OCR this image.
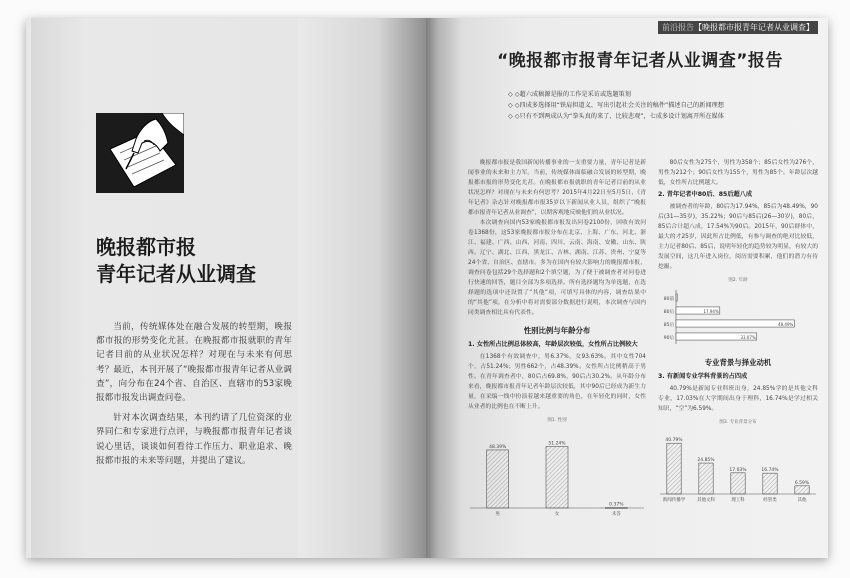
晚报都市报
青年记者从业调查

当前，传统媒体处在融合发展的转型期，晚报都市报的形势变化尤甚。在晚报都市报就职的青年记者目前的从业状况怎样？对现在与未来有何思考？最近，本刊开展了“晚报都市报青年记者从业调查”，向分布在24个省、自治区、直辖市的53家晚报都市报发出调查问卷。

针对本次调查结果，本刊约请了几位资深的业界同仁和专家进行点评，与晚报都市报青年记者谈说心里话，谈谈如何看待工作压力、职业追求、晚报都市报的未来等问题，并提出了建议。

前沿报告【晚报都市报青年记者从业调查】
“晚报都市报青年记者从业调查”报告
◇ ◇超六成稿源是报的工作是采访或选题策划
◇ ◇四成多选择用“铁肩担道义、写出引起社会关注的稿件”描述自己的新闻理想
◇ ◇只有不到两成认为“拳头真的来了、比较悲观”，七成多设计划离开所在媒体

晚报都市报是我国新闻传播事业的一支重要力量，青年记者是新闻事业的未来和主力军。当前，传统媒体面临融合发展的转型期，晚报都市报的形势变化尤甚。在晚报都市报就职的青年记者目前的从业状况怎样？对现在与未来有何思考？2015年4月22日至5月5日，《青年记者》杂志针对晚报都市报35岁以下新闻从业人员，组织了“晚报都市报青年记者从业调查”，以期客观地反映他们的从业状况。

本次调查向国内53家晚报都市报发出问卷2100份，回收有效问卷1368份，这53家晚报都市报分布在北京、上海、广东、河北、浙江、福建、广西、山西、河南、四川、云南、海南、安徽、山东、陕西、辽宁、湖北、江西、黑龙江、吉林、湖南、江苏、贵州、宁夏等24个省、自治区、直辖市。多为在国内有较大影响力的晚报都市报，调查问卷包括29个选择题和2个填空题，为了便于被调查者对问卷进行快速的回答，题目全部为多项选择。所有选择题均为单选题，在选择题的选项中还设置了“其他”项，可填写具体的内容，调查结果中的“其他”项，在分析中将对需要部分数据进行说明，本次调查与国内同类调查相比具有代表性。

性别比例与年龄分布
1. 女性所占比例总体较高，年龄层次较低，女性所占比例较大

在1368个有效调查中，男6.37%，女93.63%。其中女性704个，占51.24%；男性662个，占48.39%。女性所占比例稍高于男性。在青年调查者中，80后占69.8%，90后占30.2%。从年龄分布来看，晚报都市报青年记者年龄层次较低，其中90后已经成为新生力量，在采编一线中扮演着越来越重要的角色，在年轻化的同时，女性从业者的比例也在不断上升。

图1. 性别
48.39%
男
51.24%
女
0.37%
未答

80后女性为275个，男性为358个；85后女性为276个，男性为212个；90后女性为155个，男性为85个。年龄层次越低，女性所占比例越大。

2. 青年记者中80后、85后超八成

被调查者的年龄，80后为17.94%，85后为48.49%，90后(31—35岁)，35.22%；90后与85后(26—30岁)，80后，85后合计超八成，17.54%为90后。2015年，90后群体中，最大的才25岁，因此所占比例低，有参与调查的绝对比较低，主力记者80后、85后，说明年轻化的趋势较为明显，有较大的发展空间，这几年进入岗位，阅历需要积累，他们的潜力有待挖掘。

图2. 年龄
80前
80后	17.94%
85后	48.49%
90后	33.07%
专业背景与择业动机
3. 有新闻专业学科背景的占四成

40.79%是新闻专业科班出身，24.85%学的是其他文科专业，17.03%在大学期间出身于理科，16.74%是学过相关知识，“空”为6.59%。

图3. 专业背景分布
40.79%
新闻传播学
24.85%
其他文科
17.03%
理工科
16.74%
经管类
6.59%
其他
